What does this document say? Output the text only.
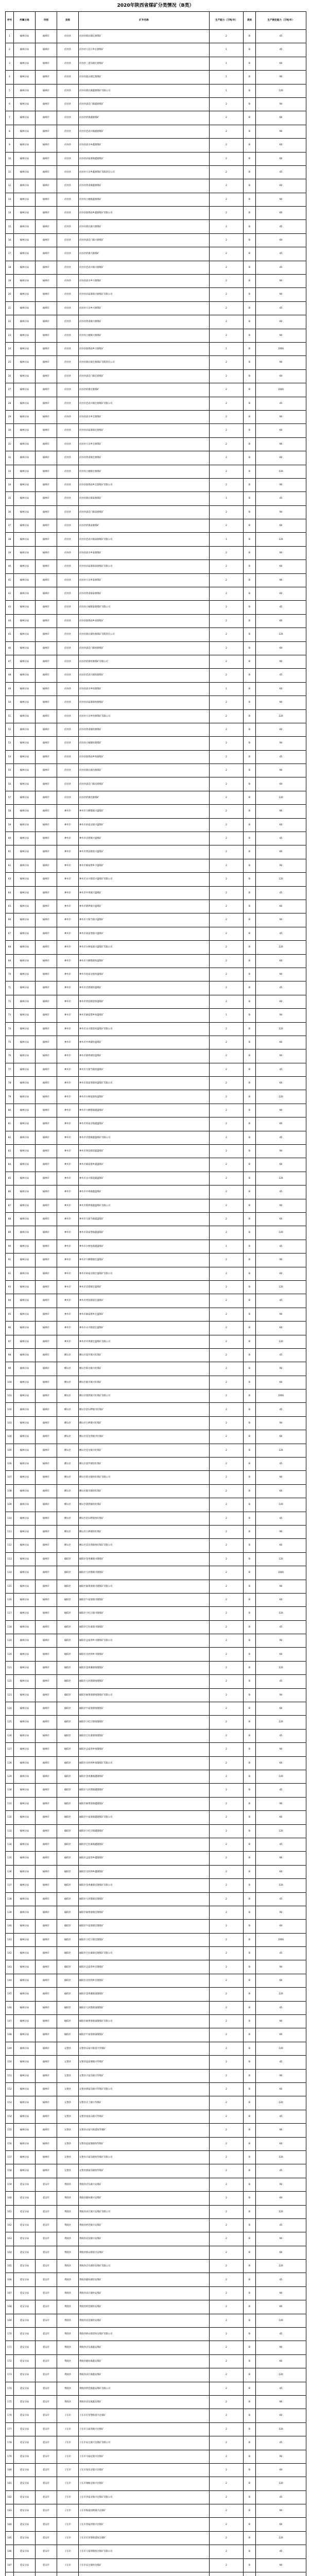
2020年陕西省煤矿分类情况（B类）
序号	所属分局	市别	县别	矿井名称	生产能力（万吨/年）	类别	生产核定能力（万吨/年）
1	榆林分局	榆林市	府谷县	府谷县新民镇亿源煤矿	2	B	45
2	榆林分局	榆林市	府谷县	府谷县大昌汗乡亿源煤矿	1	B	45
3	榆林分局	榆林市	府谷县	府谷县三道沟镇亿源煤矿	1	B	60
4	榆林分局	榆林市	府谷县	府谷县孤山镇亿源煤矿	1	B	90
5	榆林分局	榆林市	府谷县	府谷县新民镇鑫源煤矿有限公司	1	B	120
6	榆林分局	榆林市	府谷县	府谷县庙沟门镇鑫源煤矿	2	B	90
7	榆林分局	榆林市	府谷县	府谷县哈镇鑫源煤矿	2	B	60
8	榆林分局	榆林市	府谷县	府谷县老高川镇鑫源煤矿	2	B	90
9	榆林分局	榆林市	府谷县	府谷县清水乡鑫源煤矿	2	B	60
10	榆林分局	榆林市	府谷县	府谷县田家寨镇鑫源煤矿	2	B	60
11	榆林分局	榆林市	府谷县	府谷县大岔乡鑫源煤矿有限责任公司	2	B	45
12	榆林分局	榆林市	府谷县	府谷县黄甫镇鑫源煤矿	2	B	60
13	榆林分局	榆林市	府谷县	府谷县古城镇鑫源煤矿	2	B	90
14	榆林分局	榆林市	府谷县	府谷县海则庙乡鑫源煤矿有限公司	2	B	60
15	榆林分局	榆林市	府谷县	府谷县新民镇兴源煤矿	2	B	45
16	榆林分局	榆林市	府谷县	府谷县庙沟门镇兴源煤矿	2	B	60
17	榆林分局	榆林市	府谷县	府谷县哈镇兴源煤矿	2	B	45
18	榆林分局	榆林市	府谷县	府谷县老高川镇兴源煤矿	2	B	45
19	榆林分局	榆林市	府谷县	府谷县清水乡兴源煤矿	2	B	90
20	榆林分局	榆林市	府谷县	府谷县田家寨镇兴源煤矿有限公司	2	B	90
21	榆林分局	榆林市	府谷县	府谷县大岔乡兴源煤矿	2	B	45
22	榆林分局	榆林市	府谷县	府谷县黄甫镇兴源煤矿	2	B	60
23	榆林分局	榆林市	府谷县	府谷县古城镇兴源煤矿	2	B	90
24	榆林分局	榆林市	府谷县	府谷县海则庙乡兴源煤矿	1	B	1000
25	榆林分局	榆林市	府谷县	府谷县新民镇宏源煤矿有限责任公司	2	B	90
26	榆林分局	榆林市	府谷县	府谷县庙沟门镇宏源煤矿	2	B	60
27	榆林分局	榆林市	府谷县	府谷县哈镇宏源煤矿	2	B	1000
28	榆林分局	榆林市	府谷县	府谷县老高川镇宏源煤矿有限公司	2	B	45
29	榆林分局	榆林市	府谷县	府谷县清水乡宏源煤矿	2	B	90
30	榆林分局	榆林市	府谷县	府谷县田家寨镇宏源煤矿	2	B	60
31	榆林分局	榆林市	府谷县	府谷县大岔乡宏源煤矿	2	B	90
32	榆林分局	榆林市	府谷县	府谷县黄甫镇宏源煤矿	2	B	60
33	榆林分局	榆林市	府谷县	府谷县古城镇宏源煤矿	2	B	120
34	榆林分局	榆林市	府谷县	府谷县海则庙乡宏源煤矿有限公司	2	B	90
35	榆林分局	榆林市	府谷县	府谷县新民镇泰源煤矿	1	B	45
36	榆林分局	榆林市	府谷县	府谷县庙沟门镇泰源煤矿	2	B	90
37	榆林分局	榆林市	府谷县	府谷县哈镇泰源煤矿	2	B	60
38	榆林分局	榆林市	府谷县	府谷县老高川镇泰源煤矿有限公司	1	B	120
39	榆林分局	榆林市	府谷县	府谷县清水乡泰源煤矿	2	B	90
40	榆林分局	榆林市	府谷县	府谷县田家寨镇泰源煤矿有限公司	2	B	60
41	榆林分局	榆林市	府谷县	府谷县大岔乡泰源煤矿	2	B	90
42	榆林分局	榆林市	府谷县	府谷县黄甫镇泰源煤矿	2	B	60
43	榆林分局	榆林市	府谷县	府谷县古城镇泰源煤矿有限公司	2	B	45
44	榆林分局	榆林市	府谷县	府谷县海则庙乡泰源煤矿	2	B	60
45	榆林分局	榆林市	府谷县	府谷县新民镇恒源煤矿有限责任公司	2	B	120
46	榆林分局	榆林市	府谷县	府谷县庙沟门镇恒源煤矿	2	B	60
47	榆林分局	榆林市	府谷县	府谷县哈镇恒源煤矿有限公司	2	B	90
48	榆林分局	榆林市	府谷县	府谷县老高川镇恒源煤矿	2	B	45
49	榆林分局	榆林市	府谷县	府谷县清水乡恒源煤矿	1	B	60
50	榆林分局	榆林市	府谷县	府谷县田家寨镇恒源煤矿	2	B	90
51	榆林分局	榆林市	府谷县	府谷县大岔乡恒源煤矿有限公司	2	B	120
52	榆林分局	榆林市	府谷县	府谷县黄甫镇恒源煤矿	2	B	60
53	榆林分局	榆林市	府谷县	府谷县古城镇恒源煤矿	2	B	90
54	榆林分局	榆林市	府谷县	府谷县海则庙乡恒源煤矿	2	B	45
55	榆林分局	榆林市	府谷县	府谷县新民镇昌源煤矿	2	B	90
56	榆林分局	榆林市	府谷县	府谷县庙沟门镇昌源煤矿	2	B	60
57	榆林分局	榆林市	府谷县	府谷县哈镇昌源煤矿	2	B	120
58	榆林分局	榆林市	神木市	神木市大柳塔镇兴盛煤矿	2	B	90
59	榆林分局	榆林市	神木市	神木市孙家岔镇兴盛煤矿	2	B	60
60	榆林分局	榆林市	神木市	神木市店塔镇兴盛煤矿	2	B	45
61	榆林分局	榆林市	神木市	神木市西沟街道兴盛煤矿	2	B	60
62	榆林分局	榆林市	神木市	神木市麻家塔乡兴盛煤矿	2	B	90
63	榆林分局	榆林市	神木市	神木市永兴街道兴盛煤矿有限公司	2	B	120
64	榆林分局	榆林市	神木市	神木市中鸡镇兴盛煤矿	2	B	45
65	榆林分局	榆林市	神木市	神木市锦界镇兴盛煤矿	2	B	60
66	榆林分局	榆林市	神木市	神木市大保当镇兴盛煤矿	2	B	90
67	榆林分局	榆林市	神木市	神木市高家堡镇兴盛煤矿	2	B	45
68	榆林分局	榆林市	神木市	神木市尔林兔镇兴盛煤矿有限公司	2	B	120
69	榆林分局	榆林市	神木市	神木市大柳塔镇恒盛煤矿	2	B	60
70	榆林分局	榆林市	神木市	神木市孙家岔镇恒盛煤矿	2	B	90
71	榆林分局	榆林市	神木市	神木市店塔镇恒盛煤矿	2	B	45
72	榆林分局	榆林市	神木市	神木市西沟街道恒盛煤矿	2	B	60
73	榆林分局	榆林市	神木市	神木市麻家塔乡恒盛煤矿	1	B	90
74	榆林分局	榆林市	神木市	神木市永兴街道恒盛煤矿有限公司	2	B	120
75	榆林分局	榆林市	神木市	神木市中鸡镇恒盛煤矿	2	B	60
76	榆林分局	榆林市	神木市	神木市锦界镇恒盛煤矿	2	B	90
77	榆林分局	榆林市	神木市	神木市大保当镇恒盛煤矿	2	B	45
78	榆林分局	榆林市	神木市	神木市高家堡镇恒盛煤矿有限公司	2	B	60
79	榆林分局	榆林市	神木市	神木市尔林兔镇恒盛煤矿	2	B	120
80	榆林分局	榆林市	神木市	神木市大柳塔镇鑫盛煤矿	2	B	90
81	榆林分局	榆林市	神木市	神木市孙家岔镇鑫盛煤矿	2	B	60
82	榆林分局	榆林市	神木市	神木市店塔镇鑫盛煤矿有限公司	2	B	45
83	榆林分局	榆林市	神木市	神木市西沟街道鑫盛煤矿	2	B	90
84	榆林分局	榆林市	神木市	神木市麻家塔乡鑫盛煤矿	2	B	60
85	榆林分局	榆林市	神木市	神木市永兴街道鑫盛煤矿	2	B	120
86	榆林分局	榆林市	神木市	神木市中鸡镇鑫盛煤矿	2	B	45
87	榆林分局	榆林市	神木市	神木市锦界镇鑫盛煤矿有限公司	2	B	90
88	榆林分局	榆林市	神木市	神木市大保当镇鑫盛煤矿	2	B	60
89	榆林分局	榆林市	神木市	神木市高家堡镇鑫盛煤矿	2	B	120
90	榆林分局	榆林市	神木市	神木市尔林兔镇鑫盛煤矿	1	B	45
91	榆林分局	榆林市	神木市	神木市大柳塔镇宏盛煤矿	2	B	90
92	榆林分局	榆林市	神木市	神木市孙家岔镇宏盛煤矿有限公司	2	B	60
93	榆林分局	榆林市	神木市	神木市店塔镇宏盛煤矿	2	B	120
94	榆林分局	榆林市	神木市	神木市西沟街道宏盛煤矿	2	B	45
95	榆林分局	榆林市	神木市	神木市麻家塔乡宏盛煤矿	2	B	90
96	榆林分局	榆林市	神木市	神木市永兴街道宏盛煤矿	2	B	60
97	榆林分局	榆林市	神木市	神木市中鸡镇宏盛煤矿有限公司	2	B	120
98	榆林分局	榆林市	横山区	横山区波罗镇兴旺煤矿	2	B	45
99	榆林分局	榆林市	横山区	横山区韩岔镇兴旺煤矿	2	B	90
100	榆林分局	榆林市	横山区	横山区殿市镇兴旺煤矿	2	B	60
101	榆林分局	榆林市	横山区	横山区塔湾镇兴旺煤矿有限公司	2	B	1000
102	榆林分局	榆林市	横山区	横山区赵石畔镇兴旺煤矿	2	B	45
103	榆林分局	榆林市	横山区	横山区白界镇兴旺煤矿	2	B	90
104	榆林分局	榆林市	横山区	横山区雷龙湾镇兴旺煤矿	2	B	60
105	榆林分局	榆林市	横山区	横山区党岔镇兴旺煤矿	2	B	120
106	榆林分局	榆林市	横山区	横山区波罗镇恒旺煤矿	2	B	45
107	榆林分局	榆林市	横山区	横山区韩岔镇恒旺煤矿有限公司	2	B	90
108	榆林分局	榆林市	横山区	横山区殿市镇恒旺煤矿	2	B	60
109	榆林分局	榆林市	横山区	横山区塔湾镇恒旺煤矿	2	B	120
110	榆林分局	榆林市	横山区	横山区赵石畔镇恒旺煤矿	2	B	45
111	榆林分局	榆林市	横山区	横山区白界镇恒旺煤矿	2	B	90
112	榆林分局	榆林市	横山区	横山区雷龙湾镇恒旺煤矿有限公司	2	B	60
113	榆林分局	榆林市	榆阳区	榆阳区金鸡滩镇兴隆煤矿	2	B	120
114	榆林分局	榆林市	榆阳区	榆阳区大河塔镇兴隆煤矿	2	B	1000
115	榆林分局	榆林市	榆阳区	榆阳区麻黄梁镇兴隆煤矿有限公司	2	B	90
116	榆林分局	榆林市	榆阳区	榆阳区牛家梁镇兴隆煤矿	2	B	60
117	榆林分局	榆林市	榆阳区	榆阳区小纪汗镇兴隆煤矿	2	B	120
118	榆林分局	榆林市	榆阳区	榆阳区巴拉素镇兴隆煤矿	2	B	45
119	榆林分局	榆林市	榆阳区	榆阳区孟家湾乡兴隆煤矿有限公司	2	B	90
120	榆林分局	榆林市	榆阳区	榆阳区岔河则乡兴隆煤矿	2	B	60
121	榆林分局	榆林市	榆阳区	榆阳区金鸡滩镇恒隆煤矿	2	B	120
122	榆林分局	榆林市	榆阳区	榆阳区大河塔镇恒隆煤矿	2	B	45
123	榆林分局	榆林市	榆阳区	榆阳区麻黄梁镇恒隆煤矿有限公司	2	B	90
124	榆林分局	榆林市	榆阳区	榆阳区牛家梁镇恒隆煤矿	2	B	60
125	榆林分局	榆林市	榆阳区	榆阳区小纪汗镇恒隆煤矿	2	B	120
126	榆林分局	榆林市	榆阳区	榆阳区巴拉素镇恒隆煤矿	2	B	45
127	榆林分局	榆林市	榆阳区	榆阳区孟家湾乡恒隆煤矿	2	B	90
128	榆林分局	榆林市	榆阳区	榆阳区岔河则乡恒隆煤矿有限公司	2	B	60
129	榆林分局	榆林市	榆阳区	榆阳区金鸡滩镇鑫隆煤矿	2	B	120
130	榆林分局	榆林市	榆阳区	榆阳区大河塔镇鑫隆煤矿	2	B	45
131	榆林分局	榆林市	榆阳区	榆阳区麻黄梁镇鑫隆煤矿	2	B	90
132	榆林分局	榆林市	榆阳区	榆阳区牛家梁镇鑫隆煤矿有限公司	2	B	60
133	榆林分局	榆林市	榆阳区	榆阳区小纪汗镇鑫隆煤矿	2	B	120
134	榆林分局	榆林市	榆阳区	榆阳区巴拉素镇鑫隆煤矿	2	B	45
135	榆林分局	榆林市	榆阳区	榆阳区孟家湾乡鑫隆煤矿	2	B	90
136	榆林分局	榆林市	榆阳区	榆阳区岔河则乡鑫隆煤矿	2	B	60
137	榆林分局	榆林市	榆阳区	榆阳区金鸡滩镇宏隆煤矿有限公司	2	B	120
138	榆林分局	榆林市	榆阳区	榆阳区大河塔镇宏隆煤矿	2	B	45
139	榆林分局	榆林市	榆阳区	榆阳区麻黄梁镇宏隆煤矿	2	B	90
140	榆林分局	榆林市	榆阳区	榆阳区牛家梁镇宏隆煤矿	2	B	60
141	榆林分局	榆林市	榆阳区	榆阳区小纪汗镇宏隆煤矿	2	B	1000
142	榆林分局	榆林市	榆阳区	榆阳区巴拉素镇宏隆煤矿有限公司	2	B	45
143	榆林分局	榆林市	榆阳区	榆阳区孟家湾乡宏隆煤矿	2	B	90
144	榆林分局	榆林市	榆阳区	榆阳区岔河则乡宏隆煤矿	2	B	60
145	榆林分局	榆林市	榆阳区	榆阳区金鸡滩镇泰隆煤矿	2	B	120
146	榆林分局	榆林市	榆阳区	榆阳区大河塔镇泰隆煤矿	2	B	45
147	榆林分局	榆林市	榆阳区	榆阳区麻黄梁镇泰隆煤矿有限公司	2	B	90
148	榆林分局	榆林市	榆阳区	榆阳区牛家梁镇泰隆煤矿	2	B	60
149	榆林分局	榆林市	吴堡县	吴堡县宋家川街道兴华煤矿	2	B	120
150	榆林分局	榆林市	吴堡县	吴堡县寇家塬镇兴华煤矿	2	B	45
151	榆林分局	榆林市	吴堡县	吴堡县辛家沟镇兴华煤矿	2	B	90
152	榆林分局	榆林市	吴堡县	吴堡县郭家沟镇兴华煤矿有限公司	2	B	60
153	榆林分局	榆林市	吴堡县	吴堡县岔上镇兴华煤矿	2	B	120
154	榆林分局	榆林市	吴堡县	吴堡县张家山镇兴华煤矿	2	B	45
155	榆林分局	榆林市	吴堡县	吴堡县宋家川街道恒华煤矿	2	B	90
156	榆林分局	榆林市	吴堡县	吴堡县寇家塬镇恒华煤矿	2	B	60
157	榆林分局	榆林市	吴堡县	吴堡县辛家沟镇恒华煤矿有限公司	2	B	120
158	榆林分局	榆林市	吴堡县	吴堡县郭家沟镇恒华煤矿	2	B	45
159	延安分局	延安市	黄陵县	黄陵县店头镇兴安煤矿	2	B	90
160	延安分局	延安市	黄陵县	黄陵县隆坊镇兴安煤矿	2	B	60
161	延安分局	延安市	黄陵县	黄陵县田庄镇兴安煤矿有限公司	2	B	120
162	延安分局	延安市	黄陵县	黄陵县阿党镇兴安煤矿	2	B	45
163	延安分局	延安市	黄陵县	黄陵县双龙镇兴安煤矿	2	B	90
164	延安分局	延安市	黄陵县	黄陵县桥山街道兴安煤矿	2	B	60
165	延安分局	延安市	黄陵县	黄陵县店头镇恒安煤矿有限公司	2	B	120
166	延安分局	延安市	黄陵县	黄陵县隆坊镇恒安煤矿	2	B	45
167	延安分局	延安市	黄陵县	黄陵县田庄镇恒安煤矿	2	B	90
168	延安分局	延安市	黄陵县	黄陵县阿党镇恒安煤矿	2	B	60
169	延安分局	延安市	黄陵县	黄陵县双龙镇恒安煤矿	2	B	120
170	延安分局	延安市	黄陵县	黄陵县桥山街道恒安煤矿有限公司	2	B	45
171	延安分局	延安市	黄陵县	黄陵县店头镇鑫安煤矿	2	B	90
172	延安分局	延安市	黄陵县	黄陵县隆坊镇鑫安煤矿	2	B	60
173	延安分局	延安市	黄陵县	黄陵县田庄镇鑫安煤矿	2	B	120
174	延安分局	延安市	黄陵县	黄陵县阿党镇鑫安煤矿有限公司	2	B	45
175	延安分局	延安市	黄陵县	黄陵县双龙镇鑫安煤矿	2	B	90
176	延安分局	延安市	子长市	子长市瓦窑堡街道兴达煤矿	2	B	60
177	延安分局	延安市	子长市	子长市玉家湾镇兴达煤矿	2	B	120
178	延安分局	延安市	子长市	子长市安定镇兴达煤矿有限公司	2	B	45
179	延安分局	延安市	子长市	子长市马家砭镇兴达煤矿	2	B	90
180	延安分局	延安市	子长市	子长市南沟岔镇兴达煤矿	2	B	60
181	延安分局	延安市	子长市	子长市涧峪岔镇兴达煤矿	2	B	120
182	延安分局	延安市	子长市	子长市李家岔镇兴达煤矿有限公司	2	B	45
183	延安分局	延安市	子长市	子长市杨家园则镇兴达煤矿	2	B	90
184	延安分局	延安市	子长市	子长市余家坪镇兴达煤矿	2	B	60
185	延安分局	延安市	子长市	子长市瓦窑堡街道恒达煤矿	2	B	120
186	延安分局	延安市	子长市	子长市玉家湾镇恒达煤矿有限公司	2	B	45
187	延安分局	延安市	子长市	子长市安定镇恒达煤矿	2	B	90
